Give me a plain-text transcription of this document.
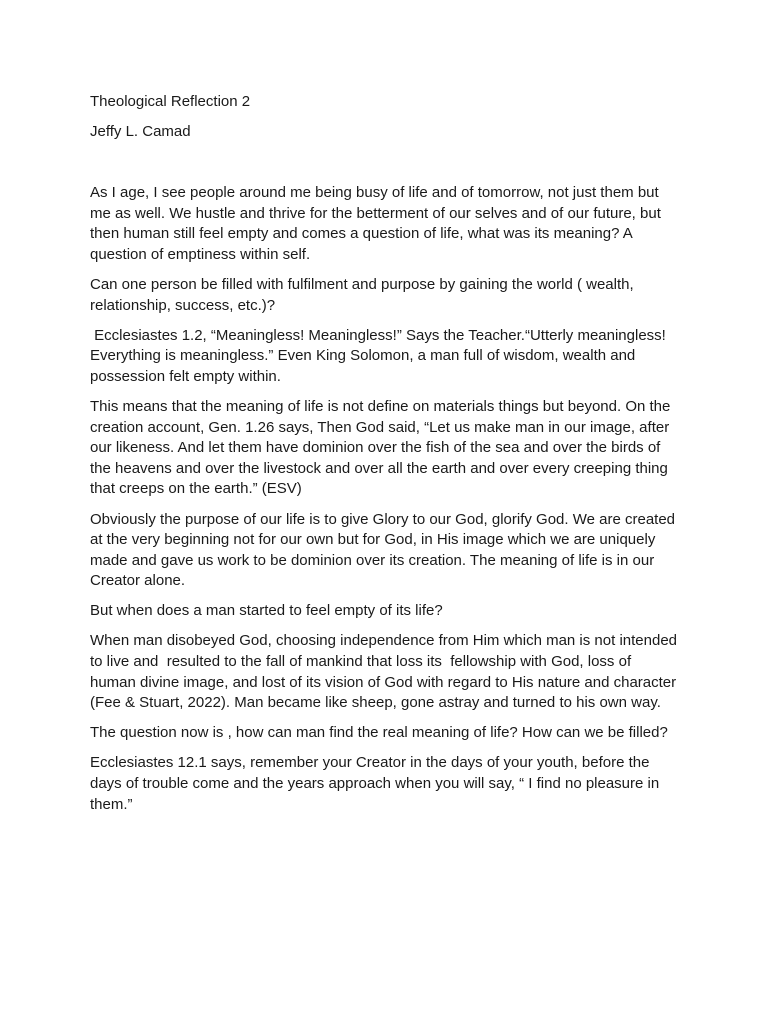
Theological Reflection 2

Jeffy L. Camad

As I age, I see people around me being busy of life and of tomorrow, not just them but me as well. We hustle and thrive for the betterment of our selves and of our future, but then human still feel empty and comes a question of life, what was its meaning? A question of emptiness within self.

Can one person be filled with fulfilment and purpose by gaining the world ( wealth, relationship, success, etc.)?

Ecclesiastes 1.2, “Meaningless! Meaningless!” Says the Teacher.“Utterly meaningless! Everything is meaningless.” Even King Solomon, a man full of wisdom, wealth and possession felt empty within.

This means that the meaning of life is not define on materials things but beyond. On the creation account, Gen. 1.26 says, Then God said, “Let us make man in our image, after our likeness. And let them have dominion over the fish of the sea and over the birds of the heavens and over the livestock and over all the earth and over every creeping thing that creeps on the earth.” (ESV)

Obviously the purpose of our life is to give Glory to our God, glorify God. We are created at the very beginning not for our own but for God, in His image which we are uniquely made and gave us work to be dominion over its creation. The meaning of life is in our Creator alone.

But when does a man started to feel empty of its life?

When man disobeyed God, choosing independence from Him which man is not intended to live and  resulted to the fall of mankind that loss its  fellowship with God, loss of human divine image, and lost of its vision of God with regard to His nature and character (Fee & Stuart, 2022). Man became like sheep, gone astray and turned to his own way.

The question now is , how can man find the real meaning of life? How can we be filled?

Ecclesiastes 12.1 says, remember your Creator in the days of your youth, before the days of trouble come and the years approach when you will say, “ I find no pleasure in them.”
